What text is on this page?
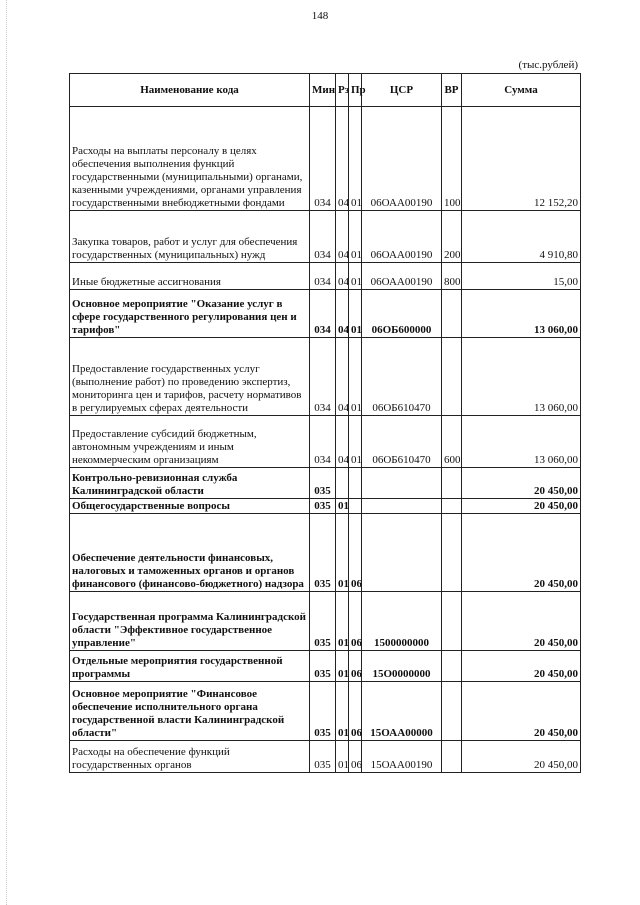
148
(тыс.рублей)
Наименование кода	Мин	Рз	Пр	ЦСР	ВР	Сумма
Расходы на выплаты персоналу в целях обеспечения выполнения функций государственными (муниципальными) органами, казенными учреждениями, органами управления государственными внебюджетными фондами	034	04	01	06ОАА00190	100	12 152,20
Закупка товаров, работ и услуг для обеспечения государственных (муниципальных) нужд	034	04	01	06ОАА00190	200	4 910,80
Иные бюджетные ассигнования	034	04	01	06ОАА00190	800	15,00
Основное мероприятие "Оказание услуг в сфере государственного регулирования цен и тарифов"	034	04	01	06ОБ600000		13 060,00
Предоставление государственных услуг (выполнение работ) по проведению экспертиз, мониторинга цен и тарифов, расчету нормативов в регулируемых сферах деятельности	034	04	01	06ОБ610470		13 060,00
Предоставление субсидий бюджетным, автономным учреждениям и иным некоммерческим организациям	034	04	01	06ОБ610470	600	13 060,00
Контрольно-ревизионная служба Калининградской области	035					20 450,00
Общегосударственные вопросы	035	01				20 450,00
Обеспечение деятельности финансовых, налоговых и таможенных органов и органов финансового (финансово-бюджетного) надзора	035	01	06			20 450,00
Государственная программа Калининградской области "Эффективное государственное управление"	035	01	06	1500000000		20 450,00
Отдельные мероприятия государственной программы	035	01	06	15О0000000		20 450,00
Основное мероприятие "Финансовое обеспечение исполнительного органа государственной власти Калининградской области"	035	01	06	15ОАА00000		20 450,00
Расходы на обеспечение функций государственных органов	035	01	06	15ОАА00190		20 450,00
